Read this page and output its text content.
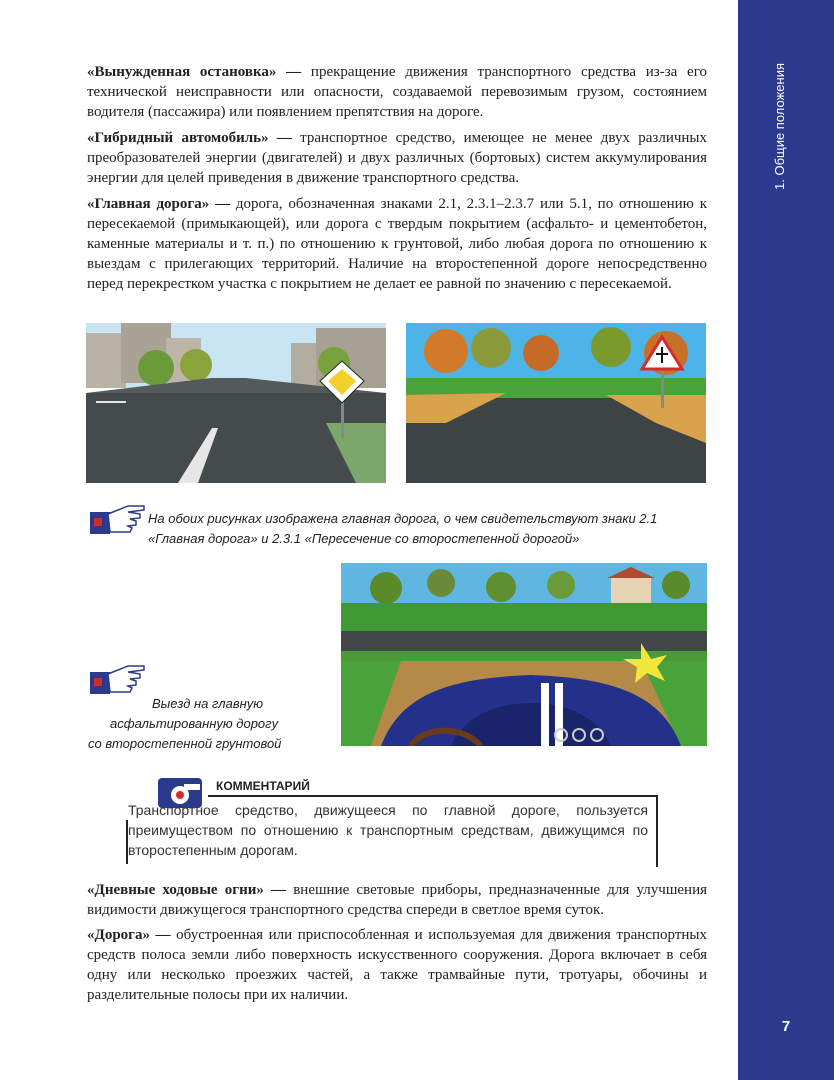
1. Общие положения
7

«Вынужденная остановка» — прекращение движения транспортного средства из-за его технической неисправности или опасности, создаваемой перевозимым грузом, состоянием водителя (пассажира) или появлением препятствия на дороге.

«Гибридный автомобиль» — транспортное средство, имеющее не менее двух различных преобразователей энергии (двигателей) и двух различных (бортовых) систем аккумулирования энергии для целей приведения в движение транспортного средства.

«Главная дорога» — дорога, обозначенная знаками 2.1, 2.3.1–2.3.7 или 5.1, по отношению к пересекаемой (примыкающей), или дорога с твердым покрытием (асфальто- и цементобетон, каменные материалы и т. п.) по отношению к грунтовой, либо любая дорога по отношению к выездам с прилегающих территорий. Наличие на второстепенной дороге непосредственно перед перекрестком участка с покрытием не делает ее равной по значению с пересекаемой.

На обоих рисунках изображена главная дорога, о чем свидетельствуют знаки 2.1
«Главная дорога» и 2.3.1 «Пересечение со второстепенной дорогой»
Выезд на главную
асфальтированную дорогу
со второстепенной грунтовой
КОММЕНТАРИЙ
Транспортное средство, движущееся по главной дороге, пользуется преимуществом по отношению к транспортным средствам, движущимся по второстепенным дорогам.

«Дневные ходовые огни» — внешние световые приборы, предназначенные для улучшения видимости движущегося транспортного средства спереди в светлое время суток.

«Дорога» — обустроенная или приспособленная и используемая для движения транспортных средств полоса земли либо поверхность искусственного сооружения. Дорога включает в себя одну или несколько проезжих частей, а также трамвайные пути, тротуары, обочины и разделительные полосы при их наличии.
